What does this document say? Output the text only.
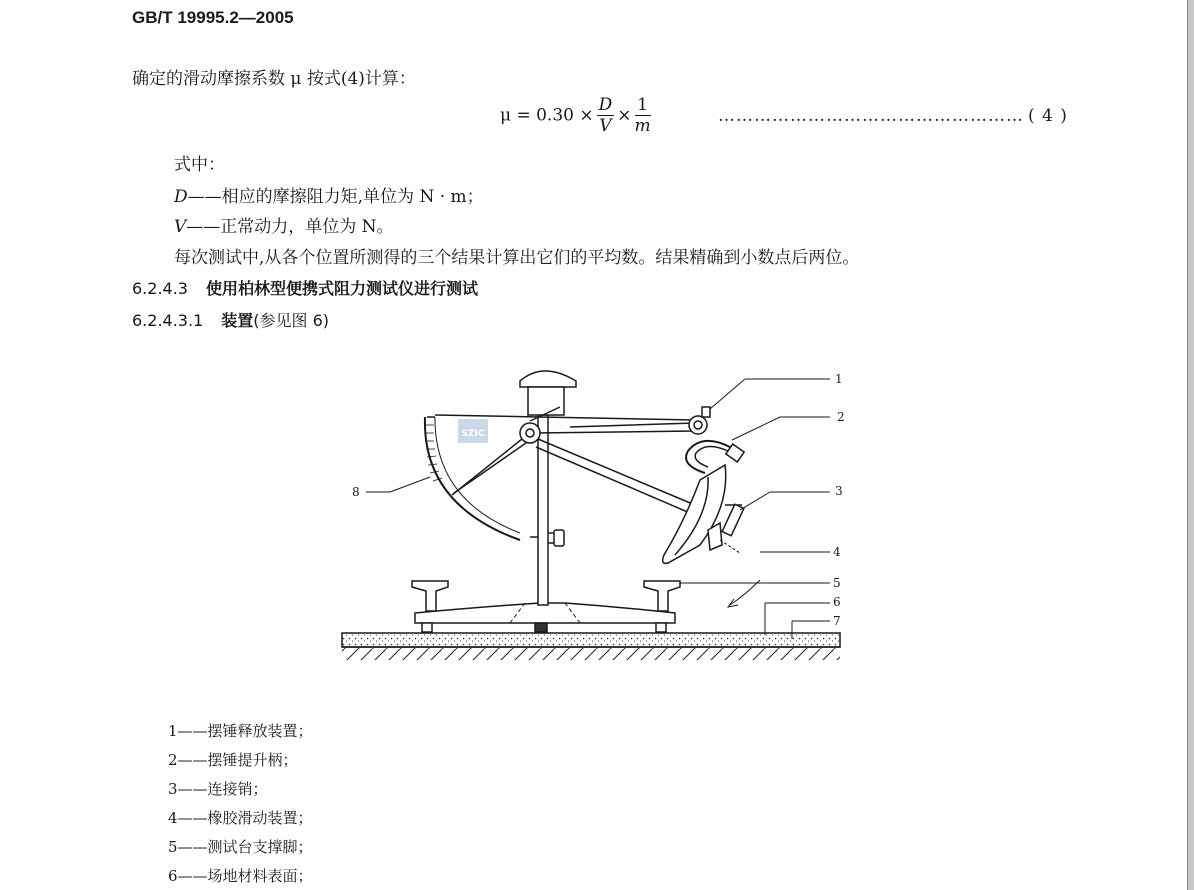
GB/T 19995.2—2005
确定的滑动摩擦系数 μ 按式(4)计算：
$\mu = 0.30 \times \frac{D}{V} \times \frac{1}{m}$	…………………………………………… ( 4 )
式中：
D——相应的摩擦阻力矩,单位为 N · m；
V——正常动力，单位为 N。
每次测试中,从各个位置所测得的三个结果计算出它们的平均数。结果精确到小数点后两位。
6.2.4.3 使用柏林型便携式阻力测试仪进行测试
6.2.4.3.1 装置(参见图 6)
SZIC
1
2
3
4
5
6
7
8
1——摆锤释放装置；
2——摆锤提升柄；
3——连接销；
4——橡胶滑动装置；
5——测试台支撑脚；
6——场地材料表面；
